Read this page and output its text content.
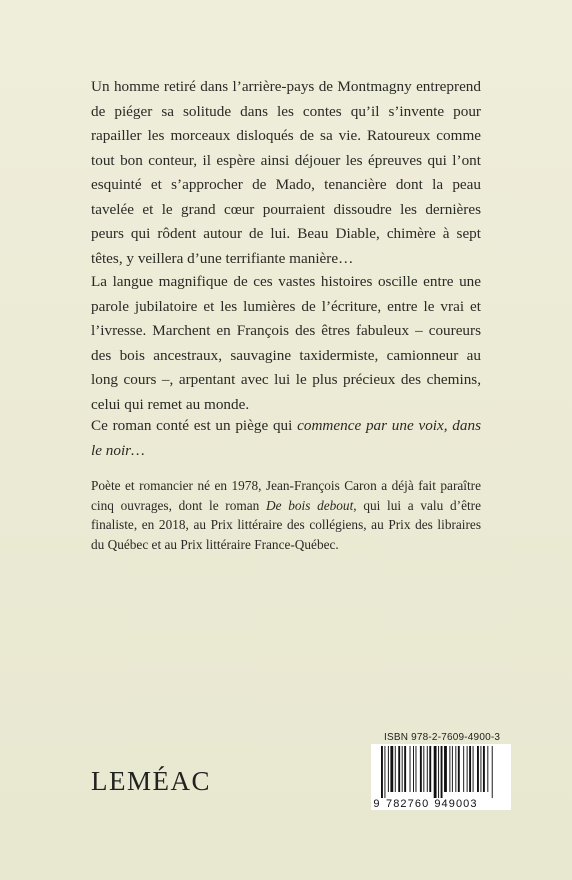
Un homme retiré dans l’arrière-pays de Montmagny entreprend de piéger sa solitude dans les contes qu’il s’invente pour rapailler les morceaux disloqués de sa vie. Ratoureux comme tout bon conteur, il espère ainsi déjouer les épreuves qui l’ont esquinté et s’approcher de Mado, tenancière dont la peau tavelée et le grand cœur pourraient dissoudre les dernières peurs qui rôdent autour de lui. Beau Diable, chimère à sept têtes, y veillera d’une terrifiante manière…

La langue magnifique de ces vastes histoires oscille entre une parole jubilatoire et les lumières de l’écriture, entre le vrai et l’ivresse. Marchent en François des êtres fabuleux – coureurs des bois ancestraux, sauvagine taxidermiste, camionneur au long cours –, arpentant avec lui le plus précieux des chemins, celui qui remet au monde.

Ce roman conté est un piège qui commence par une voix, dans le noir…

Poète et romancier né en 1978, Jean-François Caron a déjà fait paraître cinq ouvrages, dont le roman De bois debout, qui lui a valu d’être finaliste, en 2018, au Prix littéraire des collégiens, au Prix des libraires du Québec et au Prix littéraire France-Québec.

LEMÉAC
ISBN 978-2-7609-4900-3
9 782760 949003
